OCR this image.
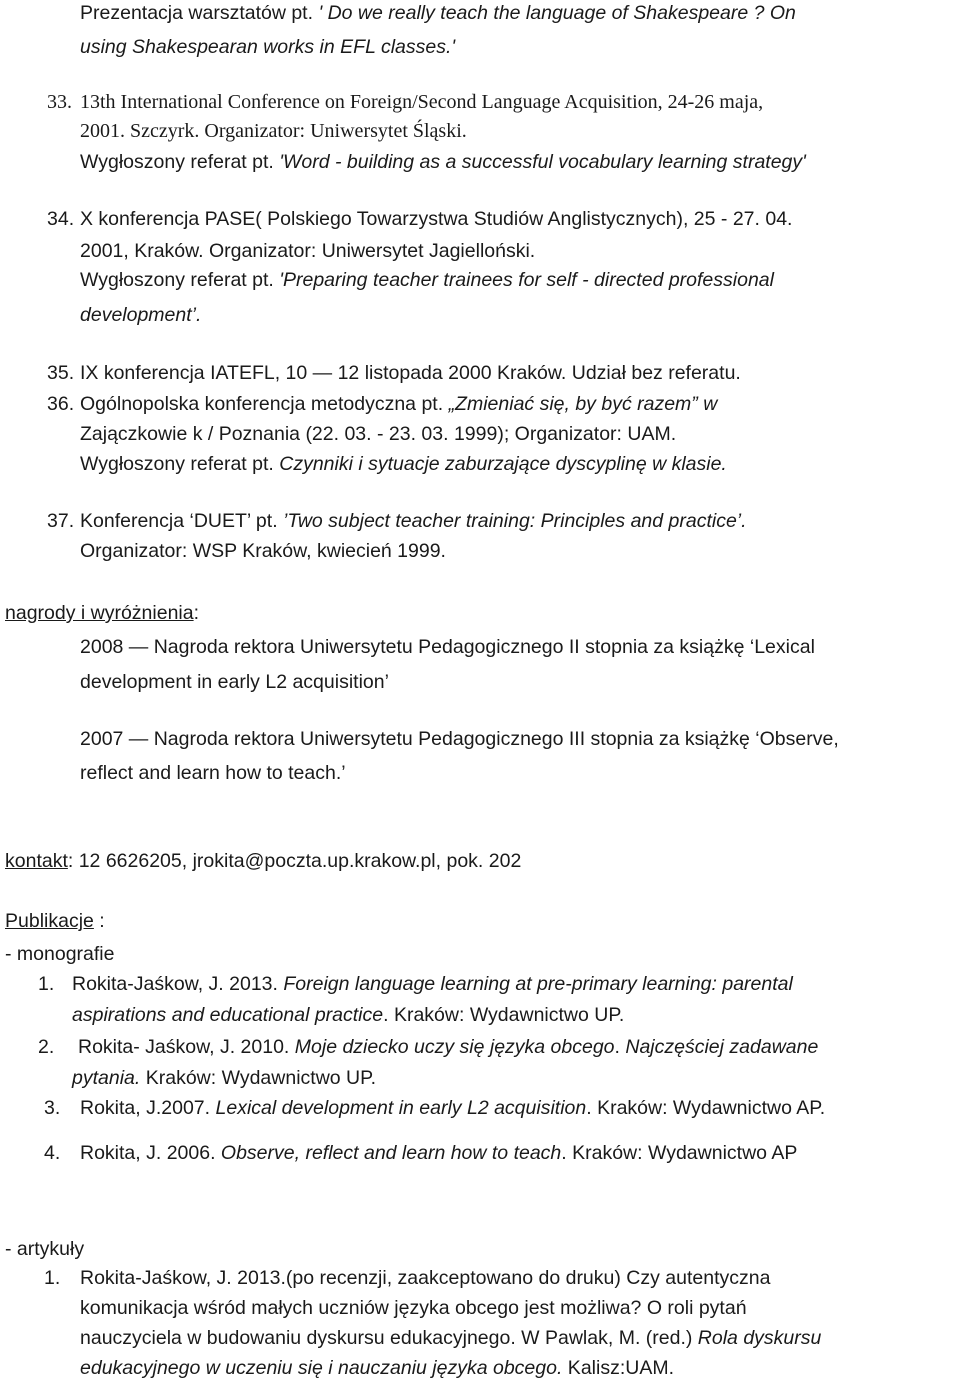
Prezentacja warsztatów pt. ' Do we really teach the language of Shakespeare ? On
using Shakespearan works in EFL classes.'
33. 13th International Conference on Foreign/Second Language Acquisition, 24-26 maja,
2001. Szczyrk. Organizator: Uniwersytet Śląski.
Wygłoszony referat pt. 'Word - building as a successful vocabulary learning strategy'
34. X konferencja PASE( Polskiego Towarzystwa Studiów Anglistycznych), 25 - 27. 04.
2001, Kraków. Organizator: Uniwersytet Jagielloński.
Wygłoszony referat pt. 'Preparing teacher trainees for self - directed professional
development’.
35. IX konferencja IATEFL, 10 — 12 listopada 2000 Kraków. Udział bez referatu.
36. Ogólnopolska konferencja metodyczna pt. „Zmieniać się, by być razem” w
Zajączkowie k / Poznania (22. 03. - 23. 03. 1999); Organizator: UAM.
Wygłoszony referat pt. Czynniki i sytuacje zaburzające dyscyplinę w klasie.
37. Konferencja ‘DUET’ pt. ’Two subject teacher training: Principles and practice’.
Organizator: WSP Kraków, kwiecień 1999.
nagrody i wyróżnienia:
2008 — Nagroda rektora Uniwersytetu Pedagogicznego II stopnia za książkę ‘Lexical
development in early L2 acquisition’
2007 — Nagroda rektora Uniwersytetu Pedagogicznego III stopnia za książkę ‘Observe,
reflect and learn how to teach.’
kontakt: 12 6626205, jrokita@poczta.up.krakow.pl, pok. 202
Publikacje :
- monografie
1. Rokita-Jaśkow, J. 2013. Foreign language learning at pre-primary learning: parental
aspirations and educational practice. Kraków: Wydawnictwo UP.
2. Rokita- Jaśkow, J. 2010. Moje dziecko uczy się języka obcego. Najczęściej zadawane
pytania. Kraków: Wydawnictwo UP.
3. Rokita, J.2007. Lexical development in early L2 acquisition. Kraków: Wydawnictwo AP.
4. Rokita, J. 2006. Observe, reflect and learn how to teach. Kraków: Wydawnictwo AP
- artykuły
1. Rokita-Jaśkow, J. 2013.(po recenzji, zaakceptowano do druku) Czy autentyczna
komunikacja wśród małych uczniów języka obcego jest możliwa? O roli pytań
nauczyciela w budowaniu dyskursu edukacyjnego. W Pawlak, M. (red.) Rola dyskursu
edukacyjnego w uczeniu się i nauczaniu języka obcego. Kalisz:UAM.
